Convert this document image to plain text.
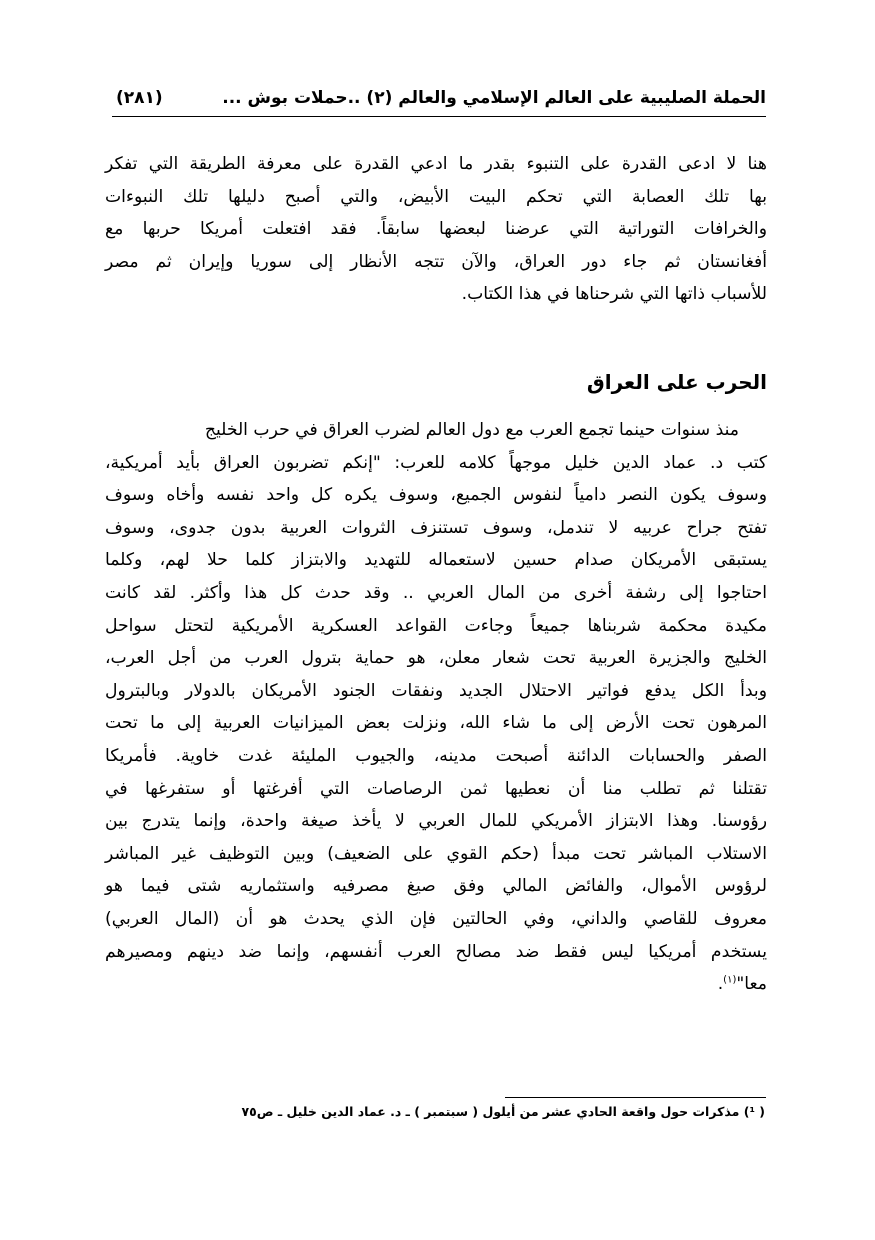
الحملة الصليبية على العالم الإسلامي والعالم (٢) ..حملات بوش ...
(٢٨١)
هنا لا ادعى القدرة على التنبوء بقدر ما ادعي القدرة على معرفة الطريقة التي تفكر
بها تلك العصابة التي تحكم البيت الأبيض، والتي أصبح دليلها تلك النبوءات
والخرافات التوراتية التي عرضنا لبعضها سابقاً. فقد افتعلت أمريكا حربها مع
أفغانستان ثم جاء دور العراق، والآن تتجه الأنظار إلى سوريا وإيران ثم مصر
للأسباب ذاتها التي شرحناها في هذا الكتاب.
الحرب على العراق
منذ سنوات حينما تجمع العرب مع دول العالم لضرب العراق في حرب الخليج
كتب د. عماد الدين خليل موجهاً كلامه للعرب: "إنكم تضربون العراق بأيد أمريكية،
وسوف يكون النصر دامياً لنفوس الجميع، وسوف يكره كل واحد نفسه وأخاه وسوف
تفتح جراح عربيه لا تندمل، وسوف تستنزف الثروات العربية بدون جدوى، وسوف
يستبقى الأمريكان صدام حسين لاستعماله للتهديد والابتزاز كلما حلا لهم، وكلما
احتاجوا إلى رشفة أخرى من المال العربي .. وقد حدث كل هذا وأكثر. لقد كانت
مكيدة محكمة شربناها جميعاً وجاءت القواعد العسكرية الأمريكية لتحتل سواحل
الخليج والجزيرة العربية تحت شعار معلن، هو حماية بترول العرب من أجل العرب،
وبدأ الكل يدفع فواتير الاحتلال الجديد ونفقات الجنود الأمريكان بالدولار وبالبترول
المرهون تحت الأرض إلى ما شاء الله، ونزلت بعض الميزانيات العربية إلى ما تحت
الصفر والحسابات الدائنة أصبحت مدينه، والجيوب المليئة غدت خاوية. فأمريكا
تقتلنا ثم تطلب منا أن نعطيها ثمن الرصاصات التي أفرغتها أو ستفرغها في
رؤوسنا. وهذا الابتزاز الأمريكي للمال العربي لا يأخذ صيغة واحدة، وإنما يتدرج بين
الاستلاب المباشر تحت مبدأ (حكم القوي على الضعيف) وبين التوظيف غير المباشر
لرؤوس الأموال، والفائض المالي وفق صيغ مصرفيه واستثماريه شتى فيما هو
معروف للقاصي والداني، وفي الحالتين فإن الذي يحدث هو أن (المال العربي)
يستخدم أمريكيا ليس فقط ضد مصالح العرب أنفسهم، وإنما ضد دينهم ومصيرهم
معا"$^{(١)}$.
( ¹) مذكرات حول واقعة الحادي عشر من أيلول ( سبتمبر ) ـ د. عماد الدين خليل ـ ص٧٥
